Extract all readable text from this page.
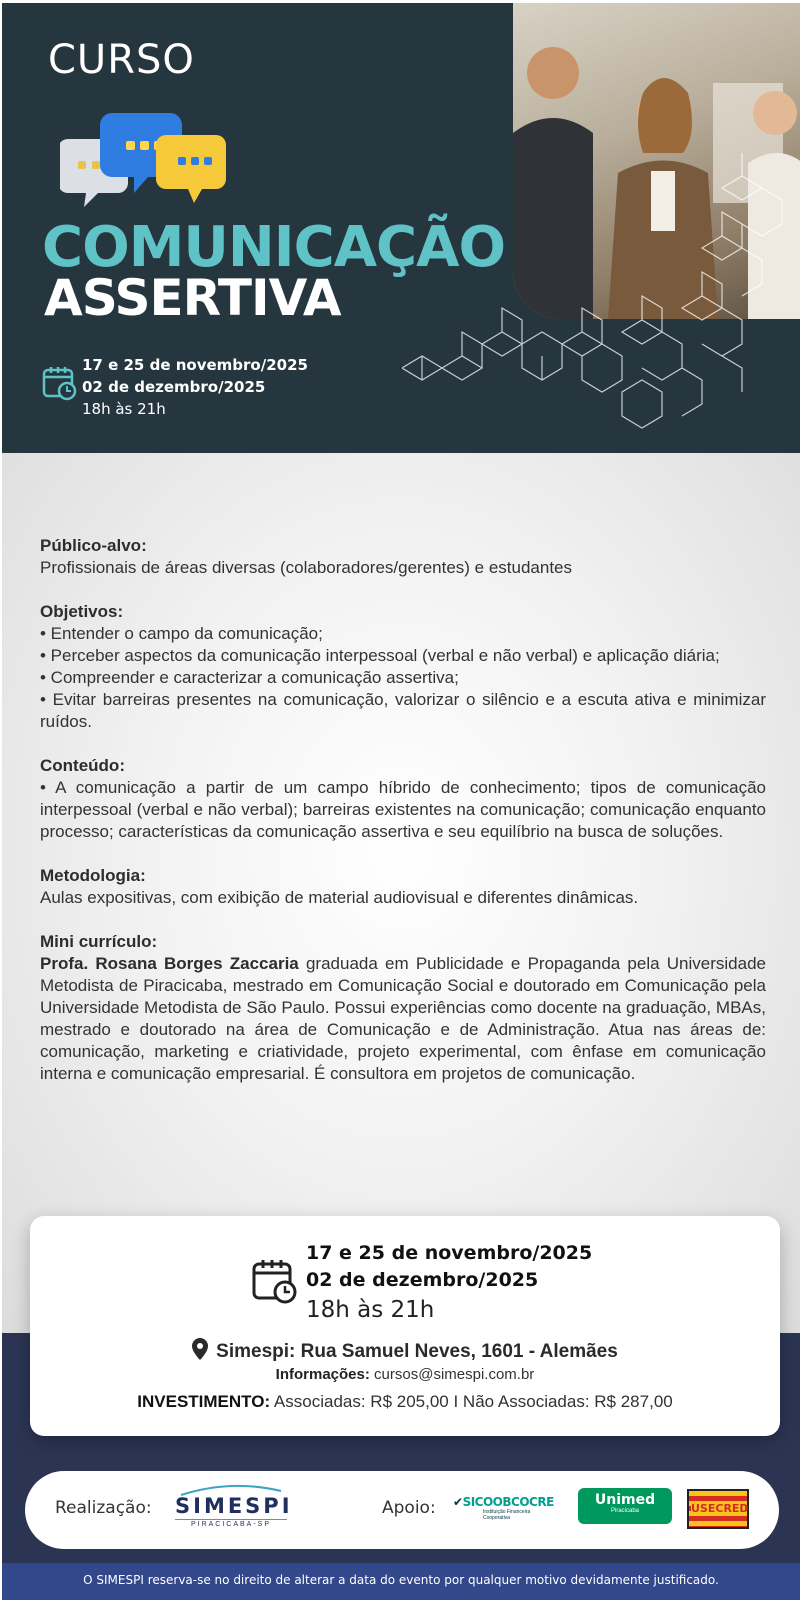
CURSO
COMUNICAÇÃO
ASSERTIVA
17 e 25 de novembro/2025
02 de dezembro/2025
18h às 21h
Público-alvo:
Profissionais de áreas diversas (colaboradores/gerentes) e estudantes
Objetivos:
• Entender o campo da comunicação;
• Perceber aspectos da comunicação interpessoal (verbal e não verbal) e aplicação diária;
• Compreender e caracterizar a comunicação assertiva;
• Evitar barreiras presentes na comunicação, valorizar o silêncio e a escuta ativa e minimizar ruídos.
Conteúdo:
• A comunicação a partir de um campo híbrido de conhecimento; tipos de comunicação interpessoal (verbal e não verbal); barreiras existentes na comunicação; comunicação enquanto processo; características da comunicação assertiva e seu equilíbrio na busca de soluções.
Metodologia:
Aulas expositivas, com exibição de material audiovisual e diferentes dinâmicas.
Mini currículo:
Profa. Rosana Borges Zaccaria graduada em Publicidade e Propaganda pela Universidade Metodista de Piracicaba, mestrado em Comunicação Social e doutorado em Comunicação pela Universidade Metodista de São Paulo. Possui experiências como docente na graduação, MBAs, mestrado e doutorado na área de Comunicação e de Administração. Atua nas áreas de: comunicação, marketing e criatividade, projeto experimental, com ênfase em comunicação interna e comunicação empresarial. É consultora em projetos de comunicação.
17 e 25 de novembro/2025
02 de dezembro/2025
18h às 21h
Simespi: Rua Samuel Neves, 1601 - Alemães
Informações: cursos@simespi.com.br
INVESTIMENTO: Associadas: R$ 205,00 I Não Associadas: R$ 287,00
Realização: SIMESPI
PIRACICABA-SP
Apoio: ✔SICOOBCOCRE
Instituição Financeira Cooperativa
Unimed
Piracicaba	USECRED
O SIMESPI reserva-se no direito de alterar a data do evento por qualquer motivo devidamente justificado.
